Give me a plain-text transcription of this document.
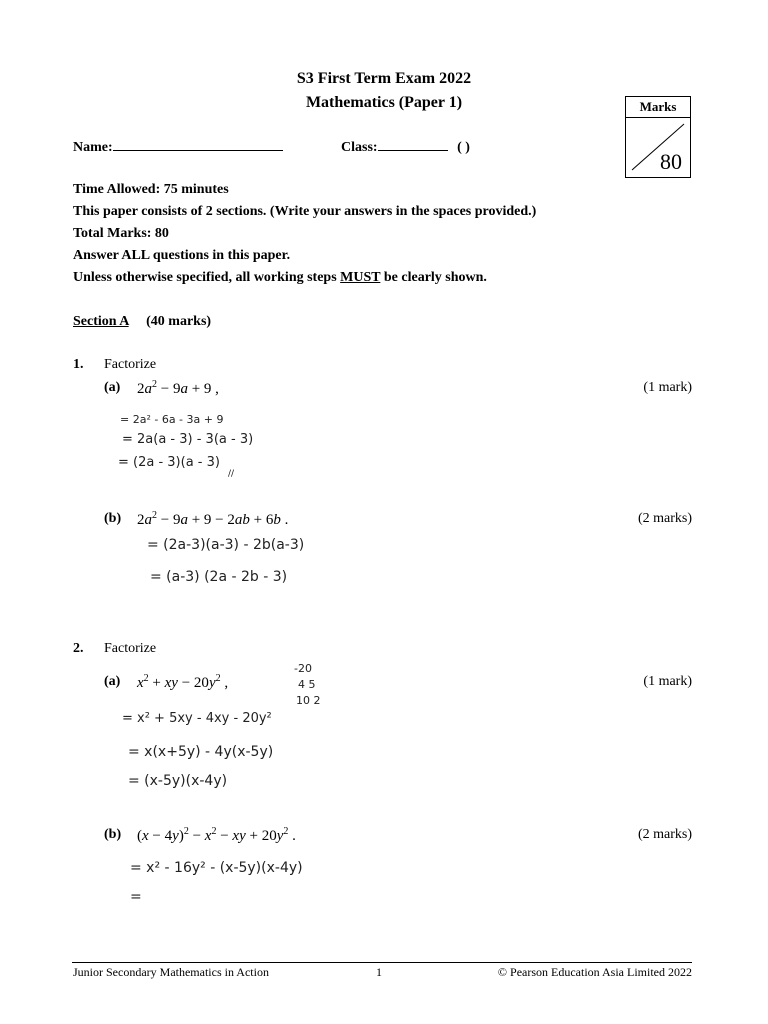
S3 First Term Exam 2022
Mathematics (Paper 1)	Marks
80
Name:	Class:	( )
Time Allowed: 75 minutes
This paper consists of 2 sections. (Write your answers in the spaces provided.)
Total Marks: 80
Answer ALL questions in this paper.
Unless otherwise specified, all working steps MUST be clearly shown.
Section A (40 marks)
1. Factorize
(a) $2a^2 - 9a + 9$ ,	(1 mark)
= 2a² - 6a - 3a + 9
= 2a(a - 3) - 3(a - 3)
= (2a - 3)(a - 3)
//
(b) $2a^2 - 9a + 9 - 2ab + 6b$ .	(2 marks)
= (2a-3)(a-3) - 2b(a-3)
= (a-3) (2a - 2b - 3)
2. Factorize
(a) $x^2$ + xy − $20y^2$ ,	(1 mark)
-20
4 5
10 2
= x² + 5xy - 4xy - 20y²
= x(x+5y) - 4y(x-5y)
= (x-5y)(x-4y)
(b) $(x - 4y)^2 - x^2$ − xy + $20y^2$ .	(2 marks)
= x² - 16y² - (x-5y)(x-4y)
=
Junior Secondary Mathematics in Action	1	© Pearson Education Asia Limited 2022
